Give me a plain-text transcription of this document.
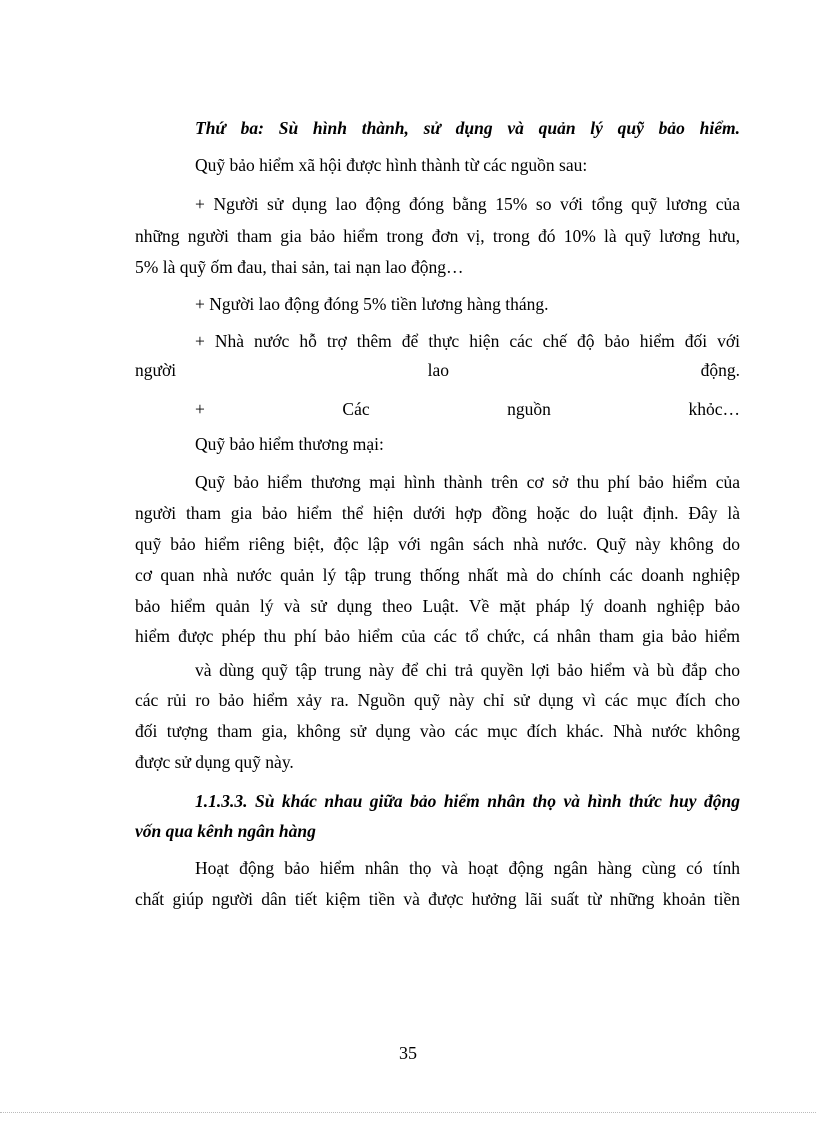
Thứ ba: Sù hình thành, sử dụng và quản lý quỹ bảo hiểm.
Quỹ bảo hiểm xã hội được hình thành từ các nguồn sau:
+ Người sử dụng lao động đóng bằng 15% so với tổng quỹ lương của
những người tham gia bảo hiểm trong đơn vị, trong đó 10% là quỹ lương hưu,
5% là quỹ ốm đau, thai sản, tai nạn lao động…
+ Người lao động đóng 5% tiền lương hàng tháng.
+ Nhà nước hỗ trợ thêm để thực hiện các chế độ bảo hiểm đối với
người lao động.
+ Các nguồn khỏc…
Quỹ bảo hiểm thương mại:
Quỹ bảo hiểm thương mại hình thành trên cơ sở thu phí bảo hiểm của
người tham gia bảo hiểm thể hiện dưới hợp đồng hoặc do luật định. Đây là
quỹ bảo hiểm riêng biệt, độc lập với ngân sách nhà nước. Quỹ này không do
cơ quan nhà nước quản lý tập trung thống nhất mà do chính các doanh nghiệp
bảo hiểm quản lý và sử dụng theo Luật. Về mặt pháp lý doanh nghiệp bảo
hiểm được phép thu phí bảo hiểm của các tổ chức, cá nhân tham gia bảo hiểm
và dùng quỹ tập trung này để chi trả quyền lợi bảo hiểm và bù đắp cho
các rủi ro bảo hiểm xảy ra. Nguồn quỹ này chỉ sử dụng vì các mục đích cho
đối tượng tham gia, không sử dụng vào các mục đích khác. Nhà nước không
được sử dụng quỹ này.
1.1.3.3. Sù khác nhau giữa bảo hiểm nhân thọ và hình thức huy động
vốn qua kênh ngân hàng
Hoạt động bảo hiểm nhân thọ và hoạt động ngân hàng cùng có tính
chất giúp người dân tiết kiệm tiền và được hưởng lãi suất từ những khoản tiền
35
